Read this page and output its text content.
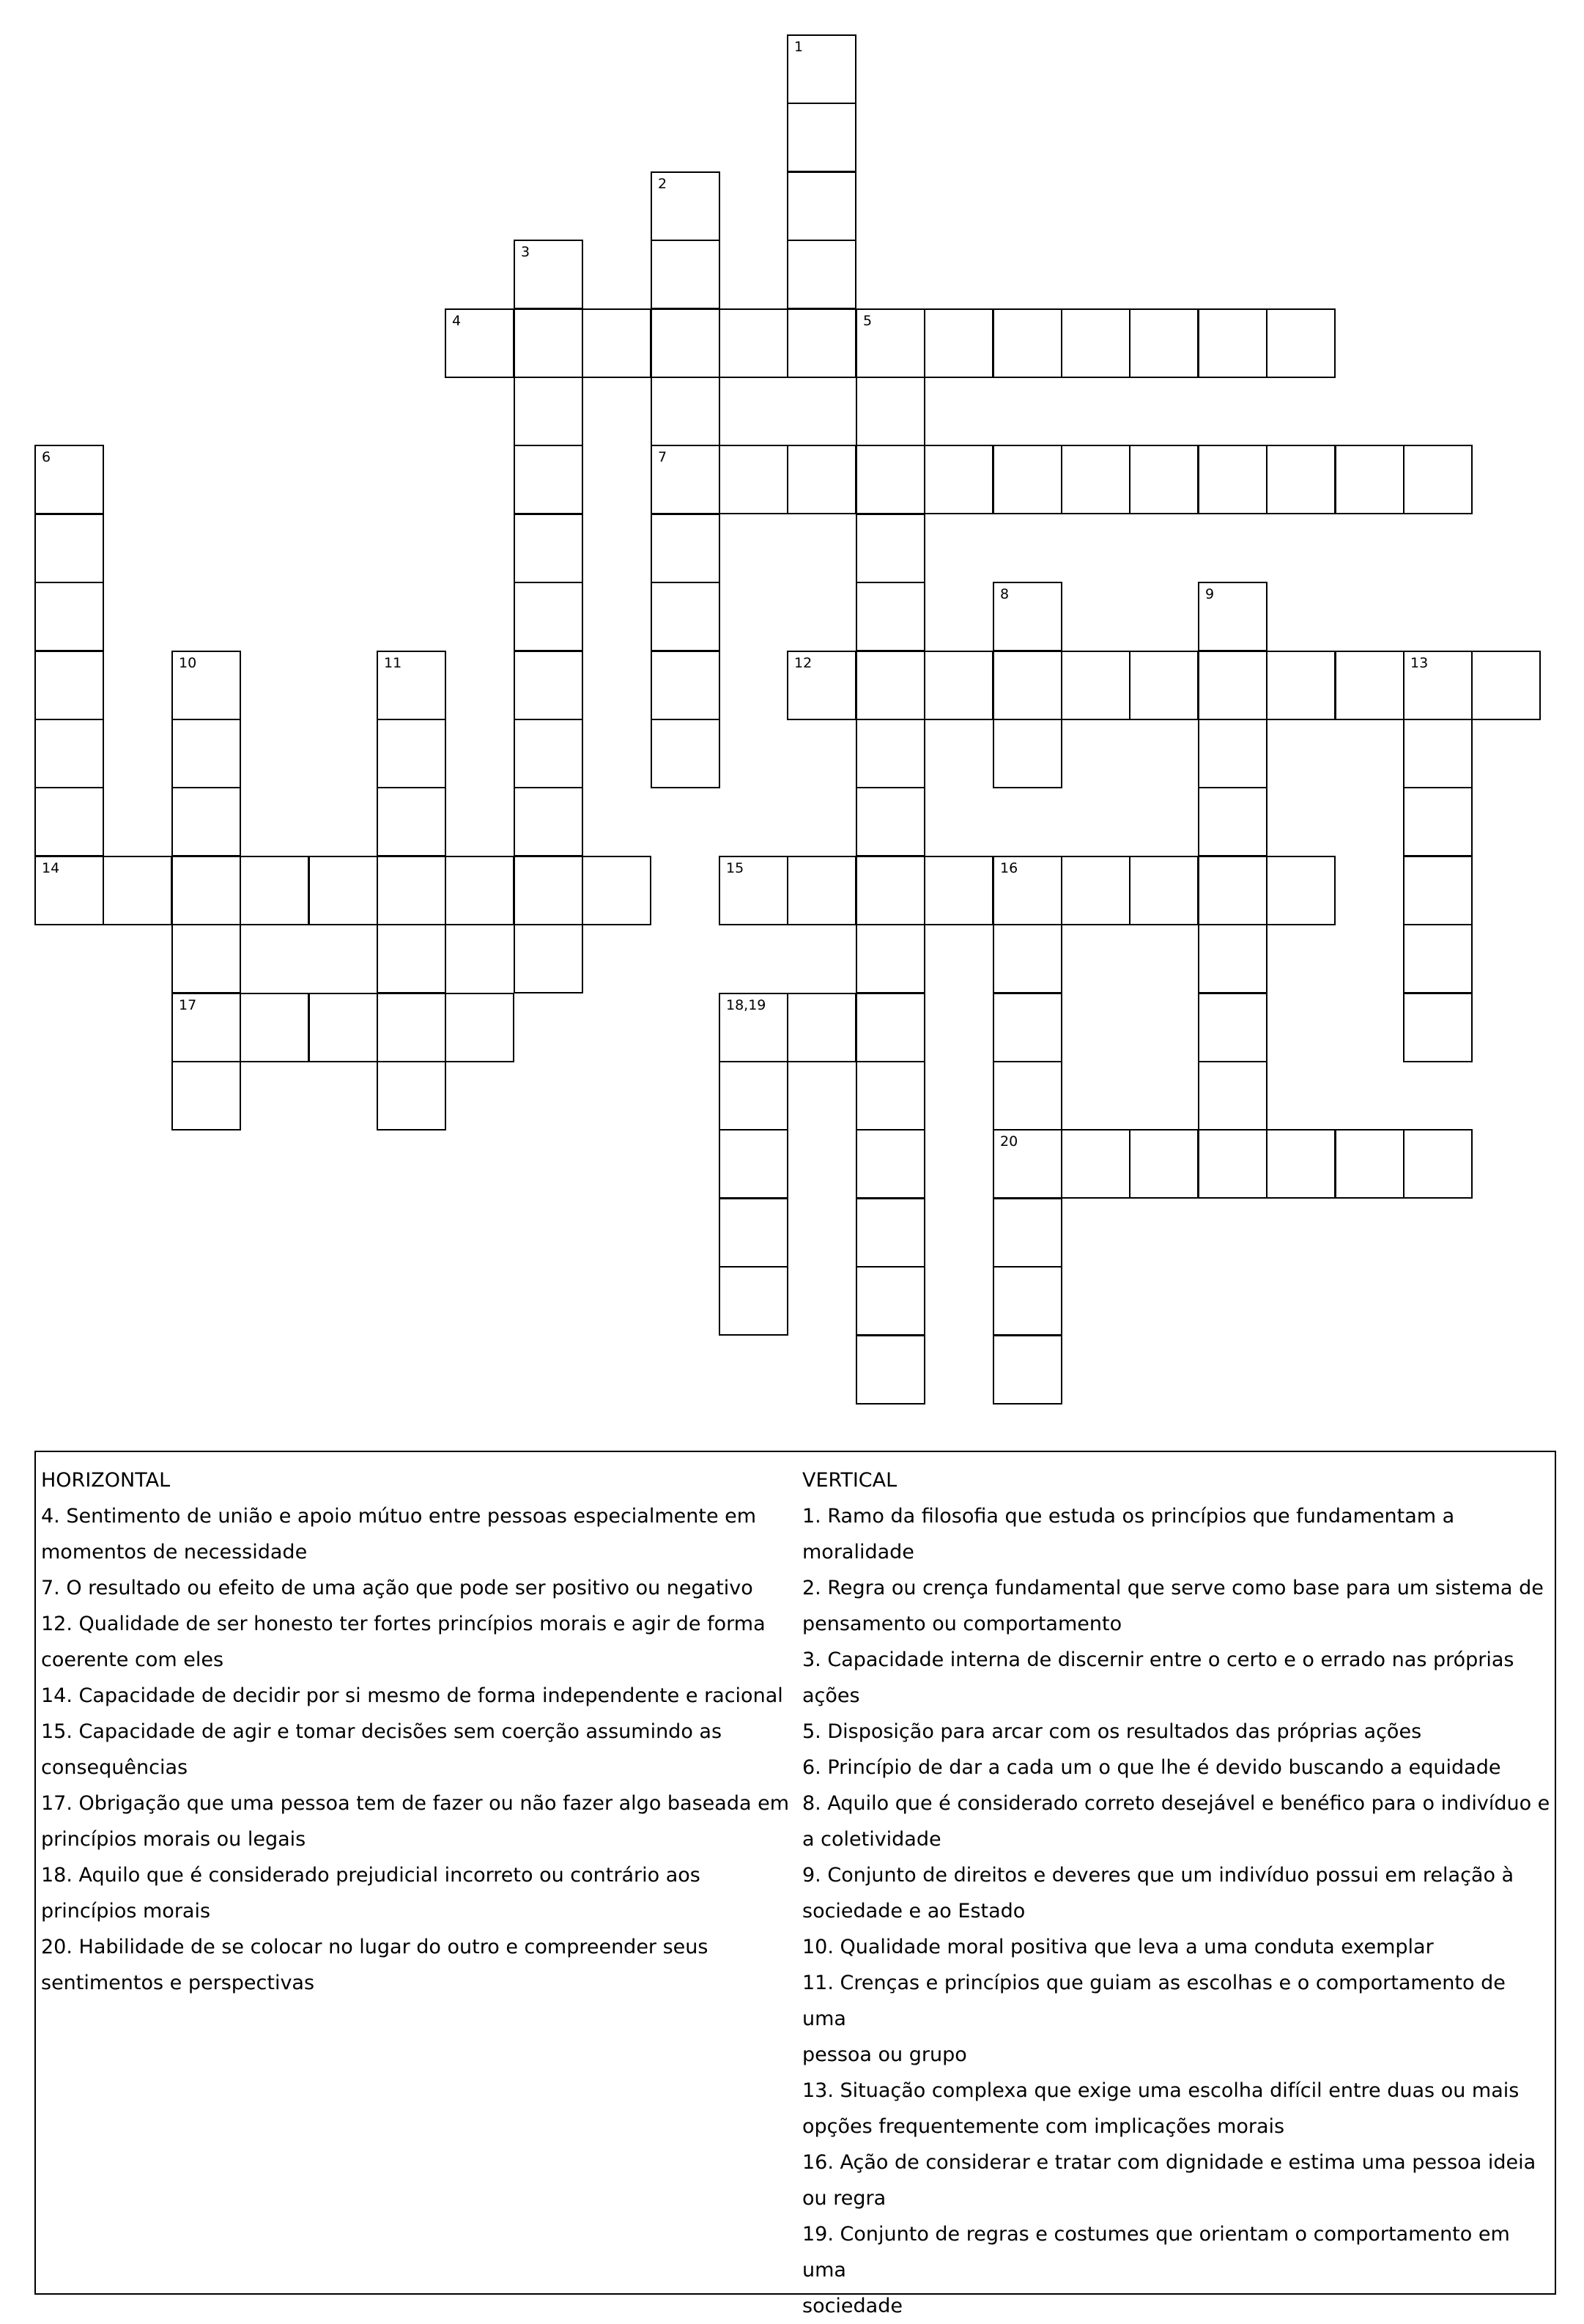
1
2
3
4	5
6	7
8	9
10	11	12	13
14	15	16
17	18,19
20
HORIZONTAL
4. Sentimento de união e apoio mútuo entre pessoas especialmente em
momentos de necessidade
7. O resultado ou efeito de uma ação que pode ser positivo ou negativo
12. Qualidade de ser honesto ter fortes princípios morais e agir de forma
coerente com eles
14. Capacidade de decidir por si mesmo de forma independente e racional
15. Capacidade de agir e tomar decisões sem coerção assumindo as
consequências
17. Obrigação que uma pessoa tem de fazer ou não fazer algo baseada em
princípios morais ou legais
18. Aquilo que é considerado prejudicial incorreto ou contrário aos
princípios morais
20. Habilidade de se colocar no lugar do outro e compreender seus
sentimentos e perspectivas
VERTICAL
1. Ramo da filosofia que estuda os princípios que fundamentam a
moralidade
2. Regra ou crença fundamental que serve como base para um sistema de
pensamento ou comportamento
3. Capacidade interna de discernir entre o certo e o errado nas próprias
ações
5. Disposição para arcar com os resultados das próprias ações
6. Princípio de dar a cada um o que lhe é devido buscando a equidade
8. Aquilo que é considerado correto desejável e benéfico para o indivíduo e
a coletividade
9. Conjunto de direitos e deveres que um indivíduo possui em relação à
sociedade e ao Estado
10. Qualidade moral positiva que leva a uma conduta exemplar
11. Crenças e princípios que guiam as escolhas e o comportamento de uma
pessoa ou grupo
13. Situação complexa que exige uma escolha difícil entre duas ou mais
opções frequentemente com implicações morais
16. Ação de considerar e tratar com dignidade e estima uma pessoa ideia
ou regra
19. Conjunto de regras e costumes que orientam o comportamento em uma
sociedade
